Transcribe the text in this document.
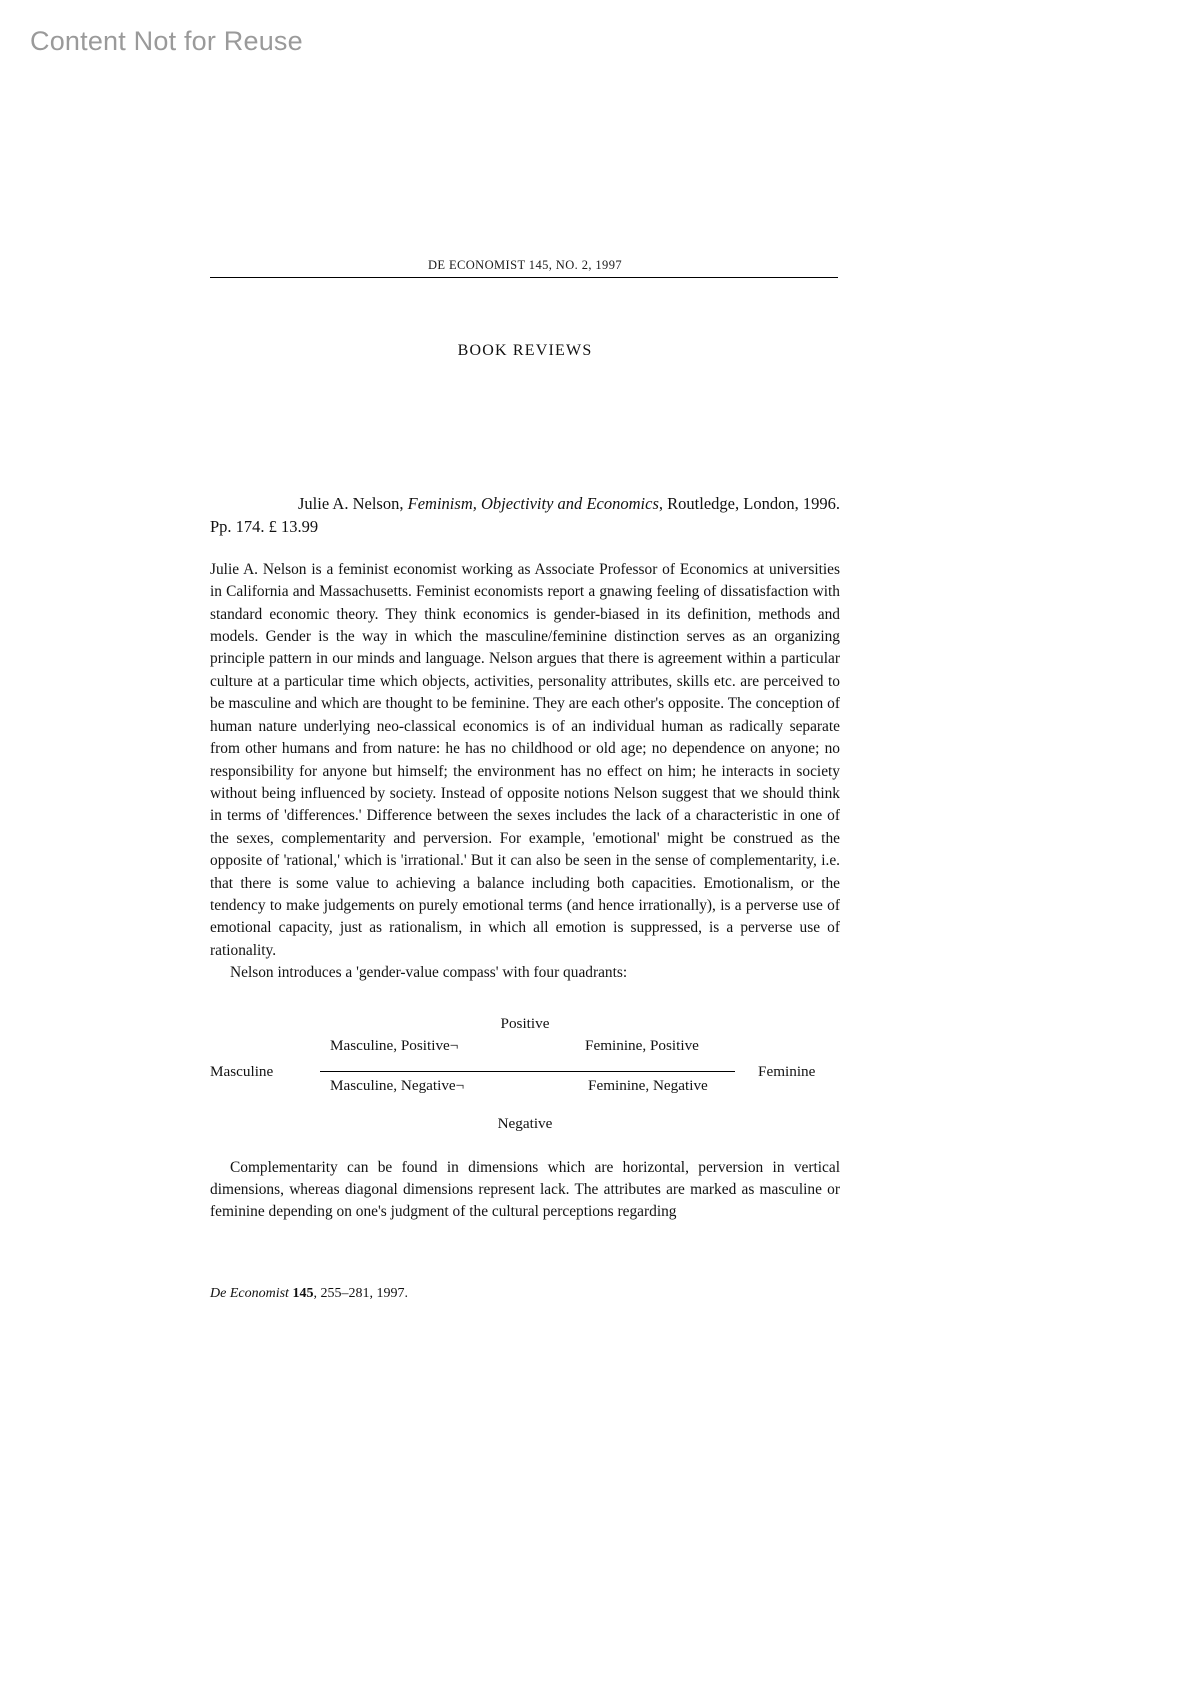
Content Not for Reuse
DE ECONOMIST 145, NO. 2, 1997
BOOK REVIEWS
Julie A. Nelson, Feminism, Objectivity and Economics, Routledge, London, 1996. Pp. 174. £ 13.99

Julie A. Nelson is a feminist economist working as Associate Professor of Economics at universities in California and Massachusetts. Feminist economists report a gnawing feeling of dissatisfaction with standard economic theory. They think economics is gender-biased in its definition, methods and models. Gender is the way in which the masculine/feminine distinction serves as an organizing principle pattern in our minds and language. Nelson argues that there is agreement within a particular culture at a particular time which objects, activities, personality attributes, skills etc. are perceived to be masculine and which are thought to be feminine. They are each other's opposite. The conception of human nature underlying neo-classical economics is of an individual human as radically separate from other humans and from nature: he has no childhood or old age; no dependence on anyone; no responsibility for anyone but himself; the environment has no effect on him; he interacts in society without being influenced by society. Instead of opposite notions Nelson suggest that we should think in terms of 'differences.' Difference between the sexes includes the lack of a characteristic in one of the sexes, complementarity and perversion. For example, 'emotional' might be construed as the opposite of 'rational,' which is 'irrational.' But it can also be seen in the sense of complementarity, i.e. that there is some value to achieving a balance including both capacities. Emotionalism, or the tendency to make judgements on purely emotional terms (and hence irrationally), is a perverse use of emotional capacity, just as rationalism, in which all emotion is suppressed, is a perverse use of rationality.

Nelson introduces a 'gender-value compass' with four quadrants:

Positive
Masculine, Positive¬	Feminine, Positive
Masculine	Feminine
Masculine, Negative¬	Feminine, Negative
Negative

Complementarity can be found in dimensions which are horizontal, perversion in vertical dimensions, whereas diagonal dimensions represent lack. The attributes are marked as masculine or feminine depending on one's judgment of the cultural perceptions regarding

De Economist 145, 255–281, 1997.
